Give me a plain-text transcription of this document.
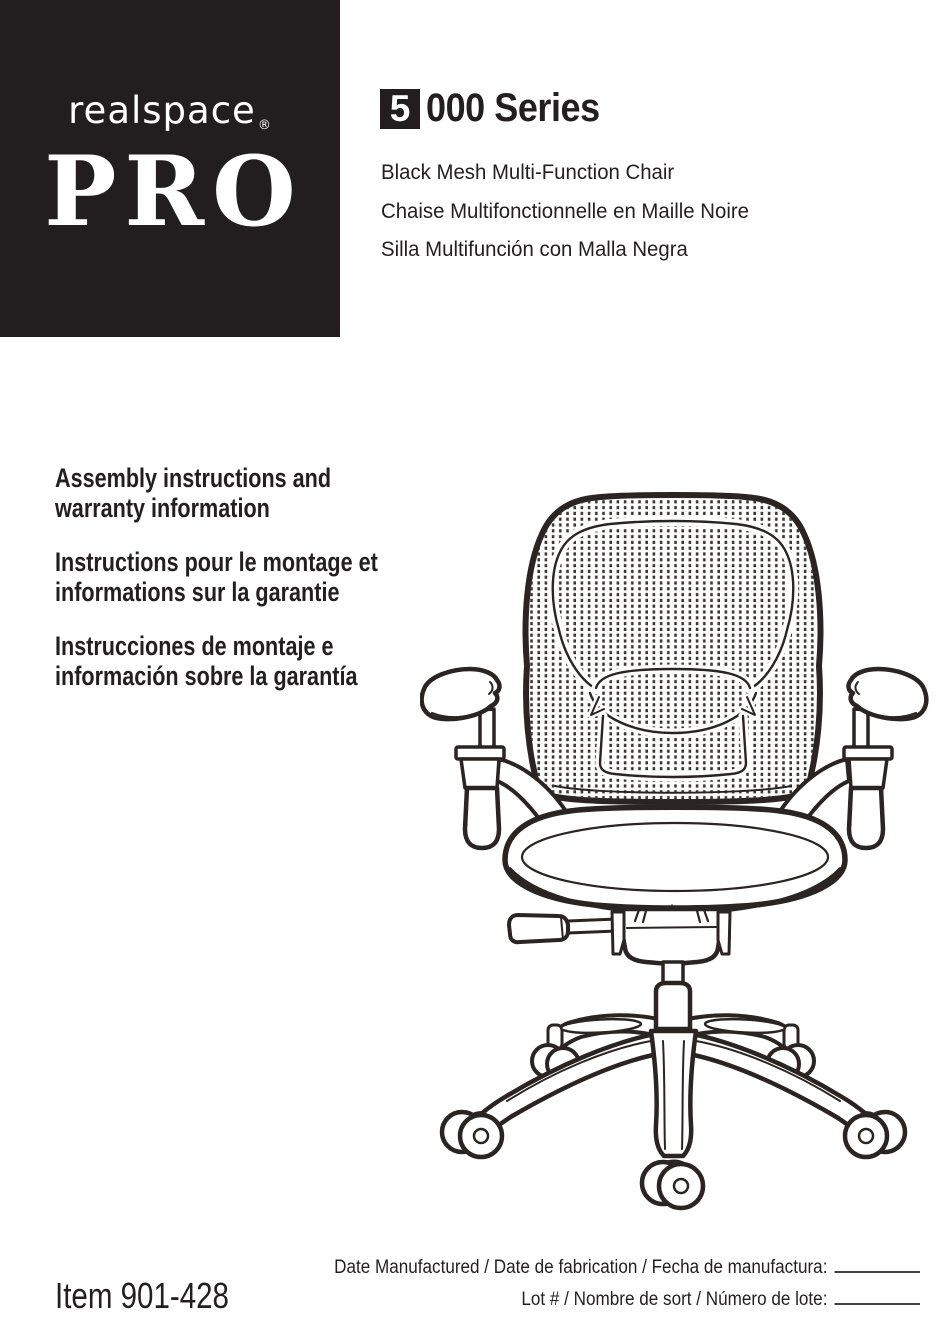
realspace ®
PRO
5 000 Series
Black Mesh Multi-Function Chair
Chaise Multifonctionnelle en Maille Noire
Silla Multifunción con Malla Negra

Assembly instructions and
warranty information

Instructions pour le montage et
informations sur la garantie

Instrucciones de montaje e
información sobre la garantía

Item 901-428
Date Manufactured / Date de fabrication / Fecha de manufactura:
Lot # / Nombre de sort / Número de lote:
